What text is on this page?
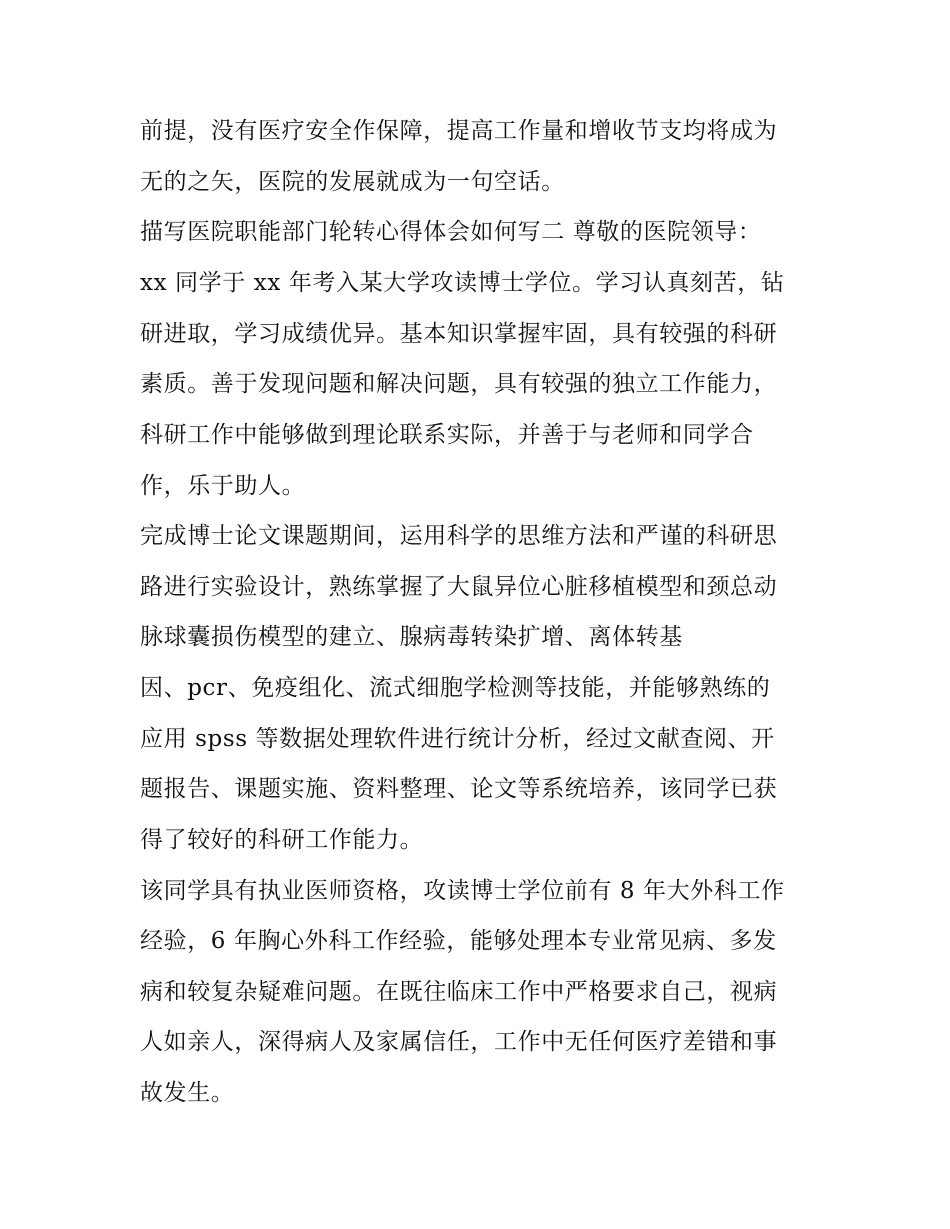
前提，没有医疗安全作保障，提高工作量和增收节支均将成为
无的之矢，医院的发展就成为一句空话。
描写医院职能部门轮转心得体会如何写二 尊敬的医院领导：
xx 同学于 xx 年考入某大学攻读博士学位。学习认真刻苦，钻
研进取，学习成绩优异。基本知识掌握牢固，具有较强的科研
素质。善于发现问题和解决问题，具有较强的独立工作能力，
科研工作中能够做到理论联系实际，并善于与老师和同学合
作，乐于助人。
完成博士论文课题期间，运用科学的思维方法和严谨的科研思
路进行实验设计，熟练掌握了大鼠异位心脏移植模型和颈总动
脉球囊损伤模型的建立、腺病毒转染扩增、离体转基
因、pcr、免疫组化、流式细胞学检测等技能，并能够熟练的
应用 spss 等数据处理软件进行统计分析，经过文献查阅、开
题报告、课题实施、资料整理、论文等系统培养，该同学已获
得了较好的科研工作能力。
该同学具有执业医师资格，攻读博士学位前有 8 年大外科工作
经验，6 年胸心外科工作经验，能够处理本专业常见病、多发
病和较复杂疑难问题。在既往临床工作中严格要求自己，视病
人如亲人，深得病人及家属信任，工作中无任何医疗差错和事
故发生。
